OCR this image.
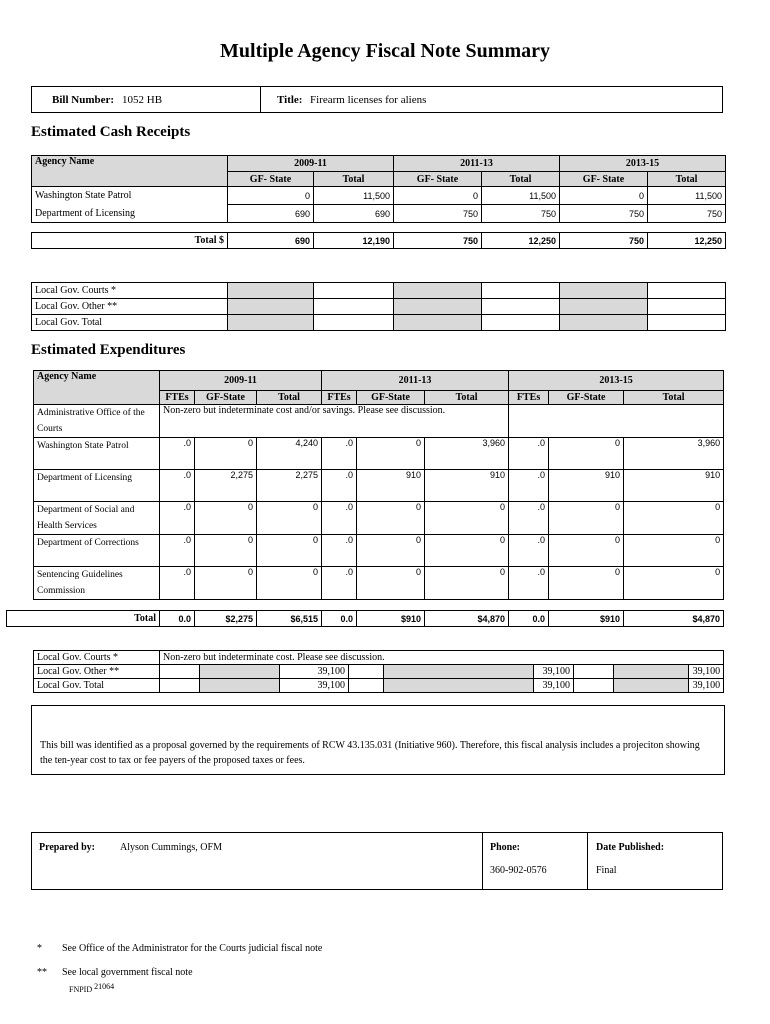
Multiple Agency Fiscal Note Summary
Bill Number: 1052 HB	Title: Firearm licenses for aliens
Estimated Cash Receipts
Agency Name	2009-11		2011-13		2013-15	
	GF- State	Total	GF- State	Total	GF- State	Total
Washington State Patrol	0	11,500	0	11,500	0	11,500
Department of Licensing	690	690	750	750	750	750
Total $	690	12,190	750	12,250	750	12,250
Local Gov. Courts *						
Local Gov. Other **						
Local Gov. Total						
Estimated Expenditures
Agency Name	2009-11			2011-13			2013-15		
	FTEs	GF-State	Total	FTEs	GF-State	Total	FTEs	GF-State	Total
Administrative Office of the Courts	Non-zero but indeterminate cost and/or savings. Please see discussion.								
Washington State Patrol	.0	0	4,240	.0	0	3,960	.0	0	3,960
Department of Licensing	.0	2,275	2,275	.0	910	910	.0	910	910
Department of Social and Health Services	.0	0	0	.0	0	0	.0	0	0
Department of Corrections	.0	0	0	.0	0	0	.0	0	0
Sentencing Guidelines Commission	.0	0	0	.0	0	0	.0	0	0
Total	0.0	$2,275	$6,515	0.0	$910	$4,870	0.0	$910	$4,870
Local Gov. Courts *	Non-zero but indeterminate cost. Please see discussion.								
Local Gov. Other **			39,100			39,100			39,100
Local Gov. Total			39,100			39,100			39,100
This bill was identified as a proposal governed by the requirements of RCW 43.135.031 (Initiative 960). Therefore, this fiscal analysis includes a projeciton showing the ten-year cost to tax or fee payers of the proposed taxes or fees.
Prepared by: Alyson Cummings, OFM	Phone:
360-902-0576
Date Published:
Final
* See Office of the Administrator for the Courts judicial fiscal note
** See local government fiscal note
FNPID 21064
